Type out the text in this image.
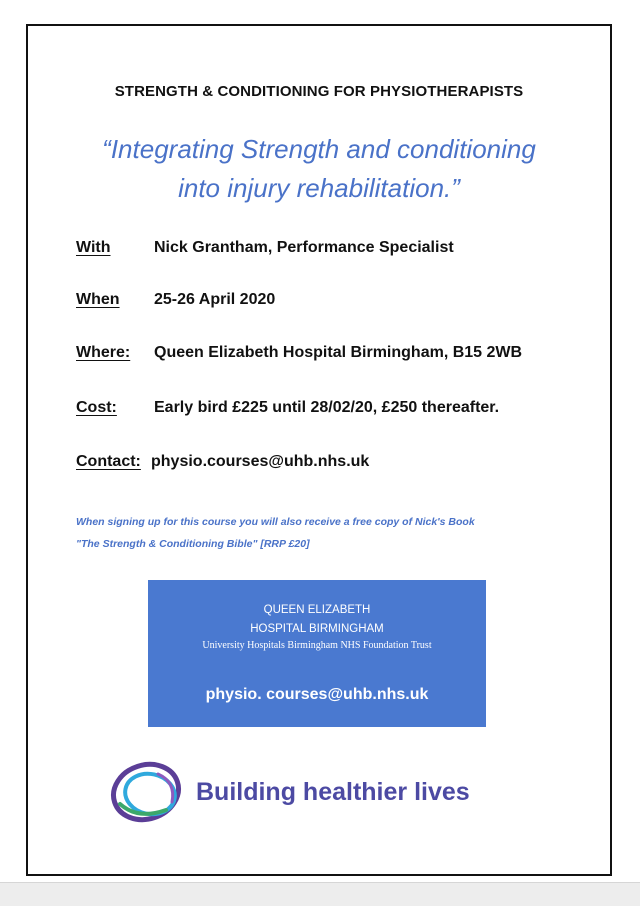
STRENGTH & CONDITIONING FOR PHYSIOTHERAPISTS
“Integrating Strength and conditioning
into injury rehabilitation.”
With	Nick Grantham, Performance Specialist
When 25-26 April 2020
Where: Queen Elizabeth Hospital Birmingham, B15 2WB
Cost: Early bird £225 until 28/02/20, £250 thereafter.
Contact: physio.courses@uhb.nhs.uk
When signing up for this course you will also receive a free copy of Nick's Book
"The Strength & Conditioning Bible" [RRP £20]
QUEEN ELIZABETH
HOSPITAL BIRMINGHAM
University Hospitals Birmingham NHS Foundation Trust
physio. courses@uhb.nhs.uk
Building healthier lives
